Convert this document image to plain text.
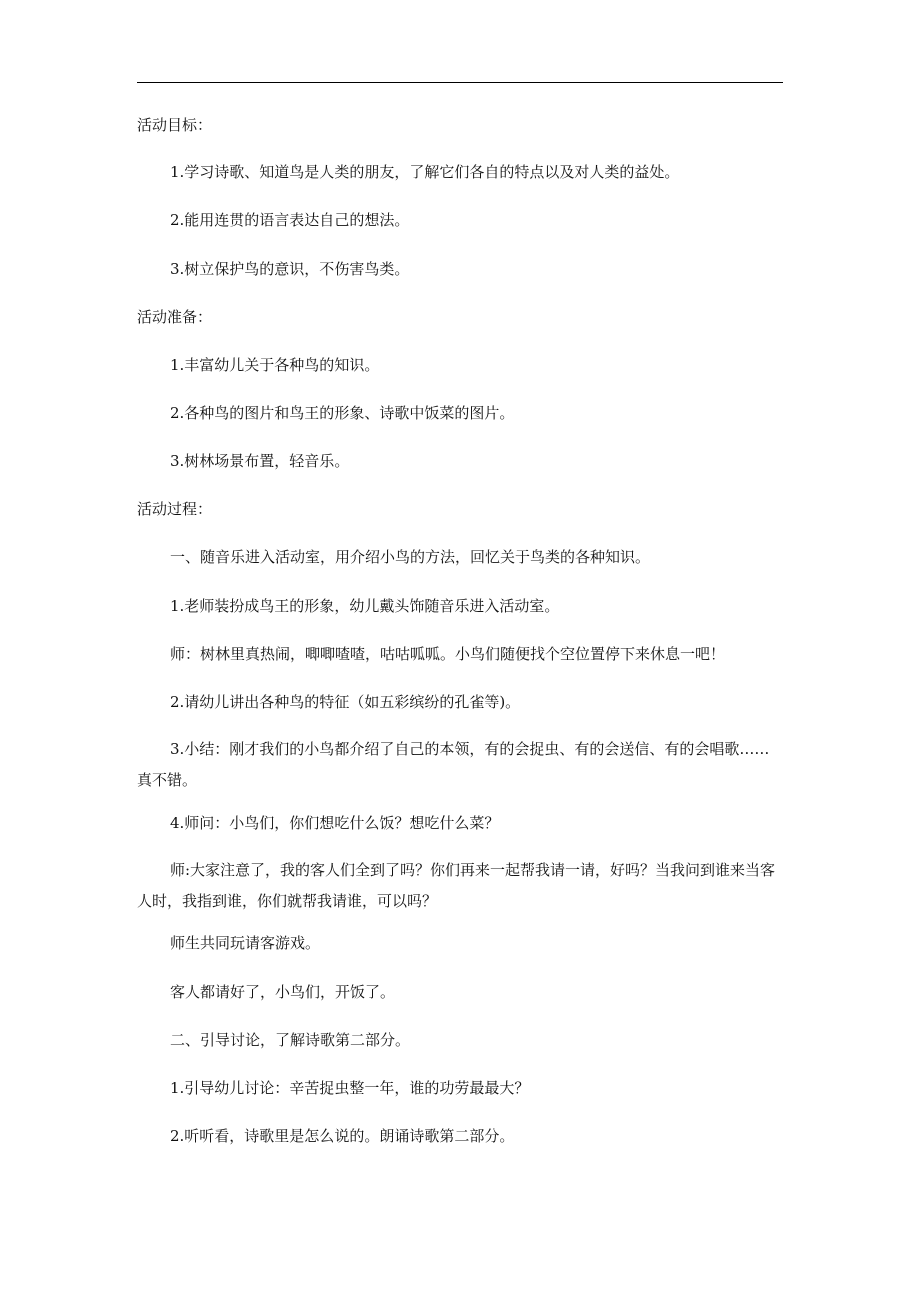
活动目标：
1.学习诗歌、知道鸟是人类的朋友，了解它们各自的特点以及对人类的益处。
2.能用连贯的语言表达自己的想法。
3.树立保护鸟的意识，不伤害鸟类。
活动准备：
1.丰富幼儿关于各种鸟的知识。
2.各种鸟的图片和鸟王的形象、诗歌中饭菜的图片。
3.树林场景布置，轻音乐。
活动过程：
一、随音乐进入活动室，用介绍小鸟的方法，回忆关于鸟类的各种知识。
1.老师装扮成鸟王的形象，幼儿戴头饰随音乐进入活动室。
师：树林里真热闹，唧唧喳喳，咕咕呱呱。小鸟们随便找个空位置停下来休息一吧！
2.请幼儿讲出各种鸟的特征（如五彩缤纷的孔雀等)。
3.小结：刚才我们的小鸟都介绍了自己的本领，有的会捉虫、有的会送信、有的会唱歌……真不错。
4.师问：小鸟们，你们想吃什么饭？想吃什么菜？
师:大家注意了，我的客人们全到了吗？你们再来一起帮我请一请，好吗？当我问到谁来当客人时，我指到谁，你们就帮我请谁，可以吗？
师生共同玩请客游戏。
客人都请好了，小鸟们，开饭了。
二、引导讨论，了解诗歌第二部分。
1.引导幼儿讨论：辛苦捉虫整一年，谁的功劳最最大？
2.听听看，诗歌里是怎么说的。朗诵诗歌第二部分。
